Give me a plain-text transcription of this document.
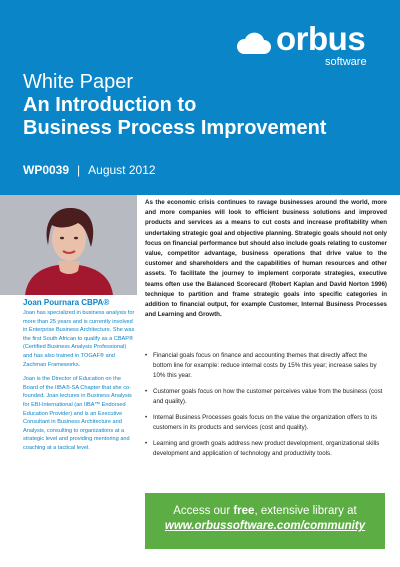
orbus
software
White Paper
An Introduction to
Business Process Improvement
WP0039 | August 2012
Joan Pournara CBPA®

Joan has specialized in business analysis for more than 25 years and is currently involved in Enterprise Business Architecture. She was the first South African to qualify as a CBAP® (Certified Business Analysis Professional) and has also trained in TOGAF® and Zachman Frameworks.

Joan is the Director of Education on the Board of the IIBA®-SA Chapter that she co-founded. Joan lectures in Business Analysis for EBI-International (an IIBA™ Endorsed Education Provider) and is an Executive Consultant in Business Architecture and Analysis, consulting to organizations at a strategic level and providing mentoring and coaching at a tactical level.

As the economic crisis continues to ravage businesses around the world, more and more companies will look to efficient business solutions and improved products and services as a means to cut costs and increase profitability when undertaking strategic goal and objective planning. Strategic goals should not only focus on financial performance but should also include goals relating to customer value, competitor advantage, business operations that drive value to the customer and shareholders and the capabilities of human resources and other assets. To facilitate the journey to implement corporate strategies, executive teams often use the Balanced Scorecard (Robert Kaplan and David Norton 1996) technique to partition and frame strategic goals into specific categories in addition to financial output, for example Customer, Internal Business Processes and Learning and Growth.
• Financial goals focus on finance and accounting themes that directly affect the bottom line for example: reduce internal costs by 15% this year; increase sales by 10% this year.
• Customer goals focus on how the customer perceives value from the business (cost and quality).
• Internal Business Processes goals focus on the value the organization offers to its customers in its products and services (cost and quality).
• Learning and growth goals address new product development, organizational skills development and application of technology and productivity tools.
Access our free, extensive library at
www.orbussoftware.com/community
